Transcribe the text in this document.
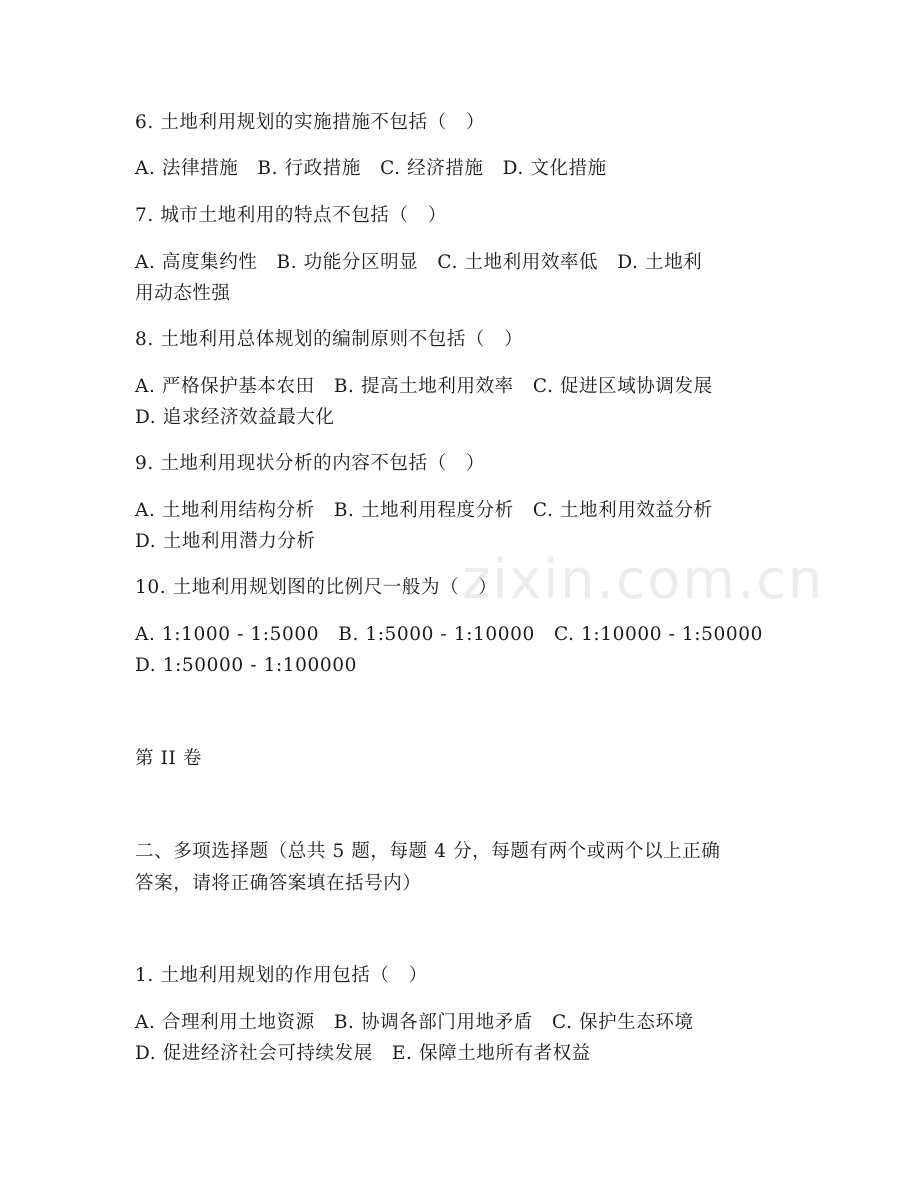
6. 土地利用规划的实施措施不包括（　）
A. 法律措施　B. 行政措施　C. 经济措施　D. 文化措施
7. 城市土地利用的特点不包括（　）
A. 高度集约性　B. 功能分区明显　C. 土地利用效率低　D. 土地利
用动态性强
8. 土地利用总体规划的编制原则不包括（　）
A. 严格保护基本农田　B. 提高土地利用效率　C. 促进区域协调发展
D. 追求经济效益最大化
9. 土地利用现状分析的内容不包括（　）
A. 土地利用结构分析　B. 土地利用程度分析　C. 土地利用效益分析
D. 土地利用潜力分析
10. 土地利用规划图的比例尺一般为（　）
A. 1:1000 - 1:5000　B. 1:5000 - 1:10000　C. 1:10000 - 1:50000
D. 1:50000 - 1:100000
第 II 卷
二、多项选择题（总共 5 题，每题 4 分，每题有两个或两个以上正确
答案，请将正确答案填在括号内）
1. 土地利用规划的作用包括（　）
A. 合理利用土地资源　B. 协调各部门用地矛盾　C. 保护生态环境
D. 促进经济社会可持续发展　E. 保障土地所有者权益
zixin.com.cn
